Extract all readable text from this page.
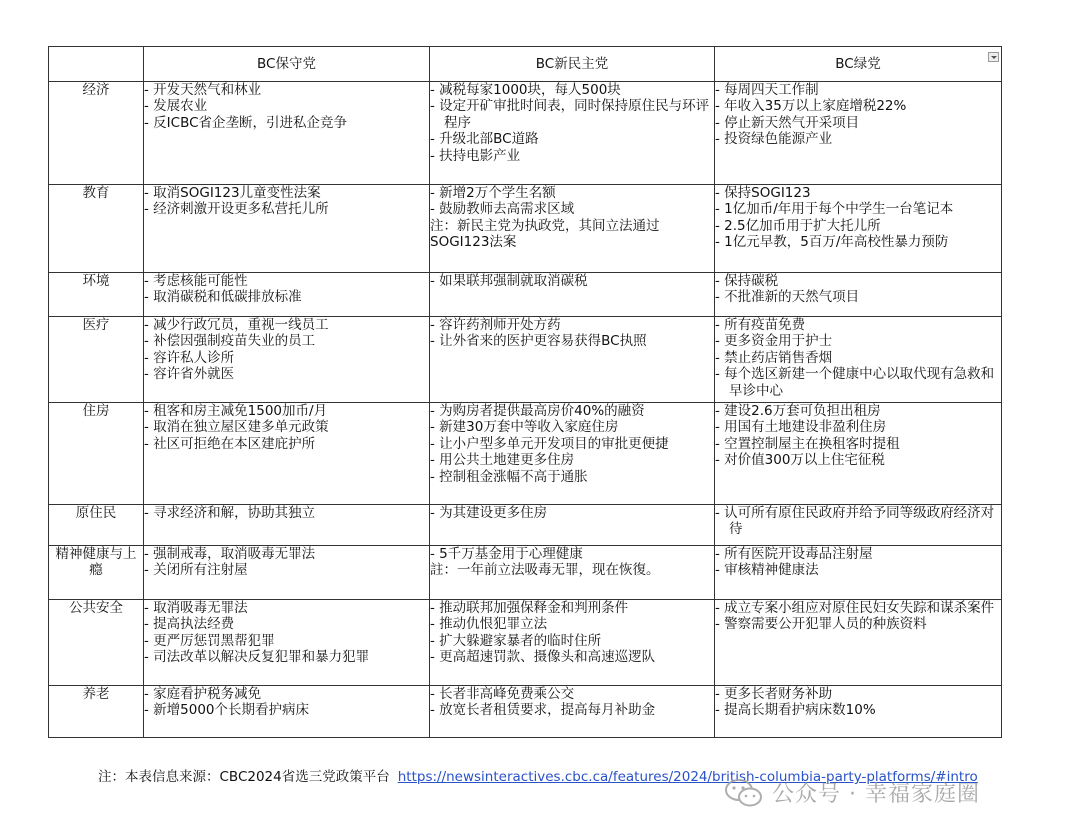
	BC保守党	BC新民主党	BC绿党

经济	- 开发天然气和林业
- 发展农业
- 反ICBC省企垄断，引进私企竞争	- 减税每家1000块，每人500块
- 设定开矿审批时间表，同时保持原住民与环评程序
- 升级北部BC道路
- 扶持电影产业	- 每周四天工作制
- 年收入35万以上家庭增税22%
- 停止新天然气开采项目
- 投资绿色能源产业

教育	- 取消SOGI123儿童变性法案
- 经济刺激开设更多私营托儿所	- 新增2万个学生名额
- 鼓励教师去高需求区域
注：新民主党为执政党，其间立法通过SOGI123法案	- 保持SOGI123
- 1亿加币/年用于每个中学生一台笔记本
- 2.5亿加币用于扩大托儿所
- 1亿元早教，5百万/年高校性暴力预防

环境	- 考虑核能可能性
- 取消碳税和低碳排放标准	- 如果联邦强制就取消碳税	- 保持碳税
- 不批准新的天然气项目

医疗	- 减少行政冗员，重视一线员工
- 补偿因强制疫苗失业的员工
- 容许私人诊所
- 容许省外就医	- 容许药剂师开处方药
- 让外省来的医护更容易获得BC执照	- 所有疫苗免费
- 更多资金用于护士
- 禁止药店销售香烟
- 每个选区新建一个健康中心以取代现有急救和早诊中心

住房	- 租客和房主减免1500加币/月
- 取消在独立屋区建多单元政策
- 社区可拒绝在本区建庇护所	- 为购房者提供最高房价40%的融资
- 新建30万套中等收入家庭住房
- 让小户型多单元开发项目的审批更便捷
- 用公共土地建更多住房
- 控制租金涨幅不高于通胀	- 建设2.6万套可负担出租房
- 用国有土地建设非盈利住房
- 空置控制屋主在换租客时提租
- 对价值300万以上住宅征税

原住民	- 寻求经济和解，协助其独立	- 为其建设更多住房	- 认可所有原住民政府并给予同等级政府经济对待

精神健康与上瘾	- 强制戒毒，取消吸毒无罪法
- 关闭所有注射屋	- 5千万基金用于心理健康
註：一年前立法吸毒无罪，现在恢復。	- 所有医院开设毒品注射屋
- 审核精神健康法

公共安全	- 取消吸毒无罪法
- 提高执法经费
- 更严厉惩罚黑帮犯罪
- 司法改革以解决反复犯罪和暴力犯罪	- 推动联邦加强保释金和判刑条件
- 推动仇恨犯罪立法
- 扩大躲避家暴者的临时住所
- 更高超速罚款、摄像头和高速巡逻队	- 成立专案小组应对原住民妇女失踪和谋杀案件
- 警察需要公开犯罪人员的种族资料

养老	- 家庭看护税务减免
- 新增5000个长期看护病床	- 长者非高峰免费乘公交
- 放宽长者租赁要求，提高每月补助金	- 更多长者财务补助
- 提高长期看护病床数10%
注：本表信息来源：CBC2024省选三党政策平台 https://newsinteractives.cbc.ca/features/2024/british-columbia-party-platforms/#intro
公众号 · 幸福家庭圈
